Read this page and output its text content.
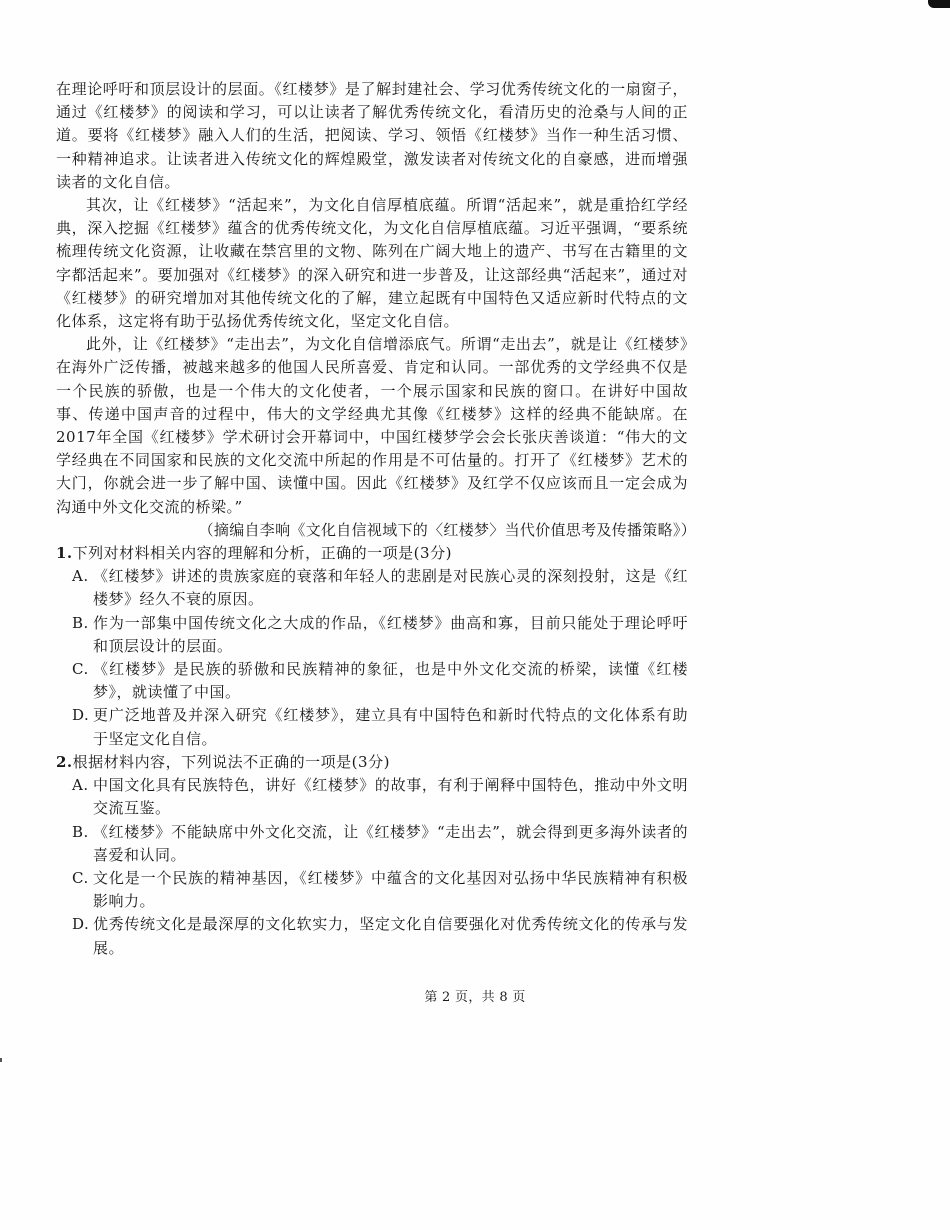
在理论呼吁和顶层设计的层面。《红楼梦》是了解封建社会、学习优秀传统文化的一扇窗子，通过《红楼梦》的阅读和学习，可以让读者了解优秀传统文化，看清历史的沧桑与人间的正道。要将《红楼梦》融入人们的生活，把阅读、学习、领悟《红楼梦》当作一种生活习惯、一种精神追求。让读者进入传统文化的辉煌殿堂，激发读者对传统文化的自豪感，进而增强读者的文化自信。

其次，让《红楼梦》“活起来”，为文化自信厚植底蕴。所谓“活起来”，就是重拾红学经典，深入挖掘《红楼梦》蕴含的优秀传统文化，为文化自信厚植底蕴。习近平强调，“要系统梳理传统文化资源，让收藏在禁宫里的文物、陈列在广阔大地上的遗产、书写在古籍里的文字都活起来”。要加强对《红楼梦》的深入研究和进一步普及，让这部经典“活起来”，通过对《红楼梦》的研究增加对其他传统文化的了解，建立起既有中国特色又适应新时代特点的文化体系，这定将有助于弘扬优秀传统文化，坚定文化自信。

此外，让《红楼梦》“走出去”，为文化自信增添底气。所谓“走出去”，就是让《红楼梦》在海外广泛传播，被越来越多的他国人民所喜爱、肯定和认同。一部优秀的文学经典不仅是一个民族的骄傲，也是一个伟大的文化使者，一个展示国家和民族的窗口。在讲好中国故事、传递中国声音的过程中，伟大的文学经典尤其像《红楼梦》这样的经典不能缺席。在2017年全国《红楼梦》学术研讨会开幕词中，中国红楼梦学会会长张庆善谈道：“伟大的文学经典在不同国家和民族的文化交流中所起的作用是不可估量的。打开了《红楼梦》艺术的大门，你就会进一步了解中国、读懂中国。因此《红楼梦》及红学不仅应该而且一定会成为沟通中外文化交流的桥梁。”

（摘编自李响《文化自信视域下的〈红楼梦〉当代价值思考及传播策略》）

1.下列对材料相关内容的理解和分析，正确的一项是(3分)

A. 《红楼梦》讲述的贵族家庭的衰落和年轻人的悲剧是对民族心灵的深刻投射，这是《红楼梦》经久不衰的原因。

B. 作为一部集中国传统文化之大成的作品，《红楼梦》曲高和寡，目前只能处于理论呼吁和顶层设计的层面。

C. 《红楼梦》是民族的骄傲和民族精神的象征，也是中外文化交流的桥梁，读懂《红楼梦》，就读懂了中国。

D. 更广泛地普及并深入研究《红楼梦》，建立具有中国特色和新时代特点的文化体系有助于坚定文化自信。

2.根据材料内容，下列说法不正确的一项是(3分)

A. 中国文化具有民族特色，讲好《红楼梦》的故事，有利于阐释中国特色，推动中外文明交流互鉴。

B. 《红楼梦》不能缺席中外文化交流，让《红楼梦》“走出去”，就会得到更多海外读者的喜爱和认同。

C. 文化是一个民族的精神基因，《红楼梦》中蕴含的文化基因对弘扬中华民族精神有积极影响力。

D. 优秀传统文化是最深厚的文化软实力，坚定文化自信要强化对优秀传统文化的传承与发展。

第 2 页，共 8 页
